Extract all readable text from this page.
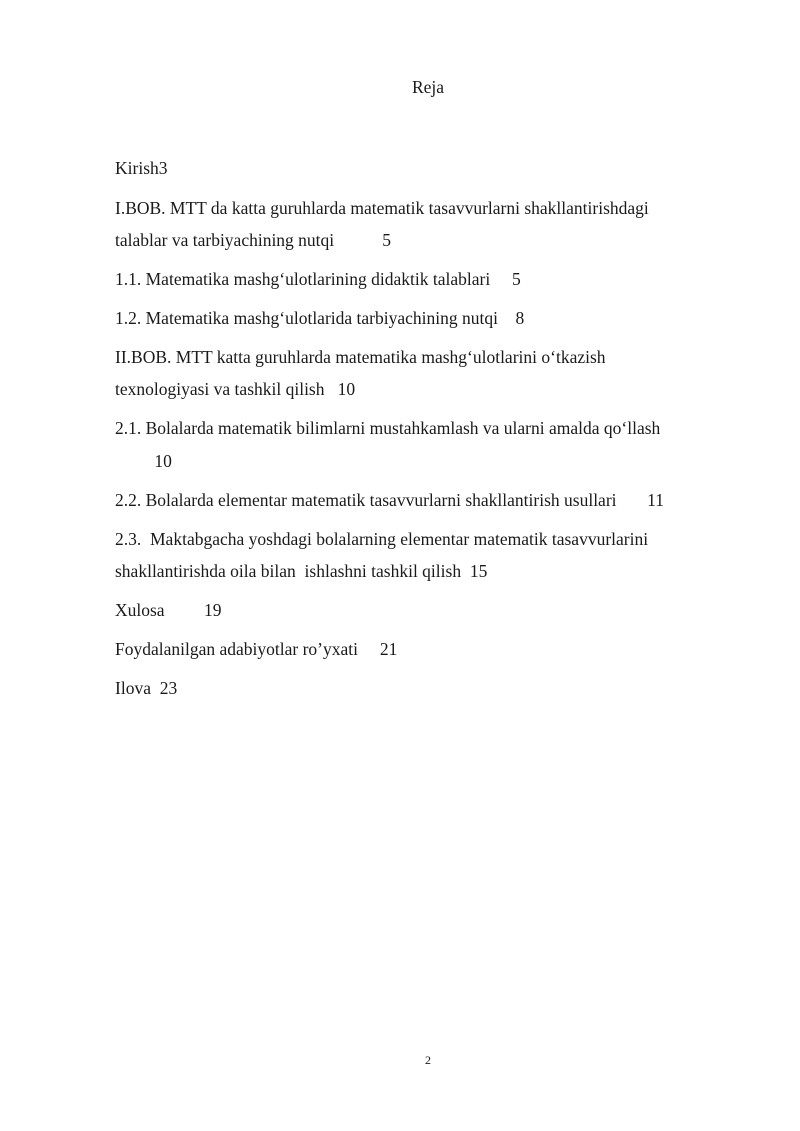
Reja
Kirish3
I.BOB. MTT da katta guruhlarda matematik tasavvurlarni shakllantirishdagi
talablar va tarbiyachining nutqi           5
1.1. Matematika mashg‘ulotlarining didaktik talablari     5
1.2. Matematika mashg‘ulotlarida tarbiyachining nutqi    8
II.BOB. MTT katta guruhlarda matematika mashg‘ulotlarini o‘tkazish
texnologiyasi va tashkil qilish   10
2.1. Bolalarda matematik bilimlarni mustahkamlash va ularni amalda qo‘llash
10
2.2. Bolalarda elementar matematik tasavvurlarni shakllantirish usullari       11
2.3.  Maktabgacha yoshdagi bolalarning elementar matematik tasavvurlarini
shakllantirishda oila bilan  ishlashni tashkil qilish  15
Xulosa         19
Foydalanilgan adabiyotlar ro’yxati     21
Ilova  23
2
